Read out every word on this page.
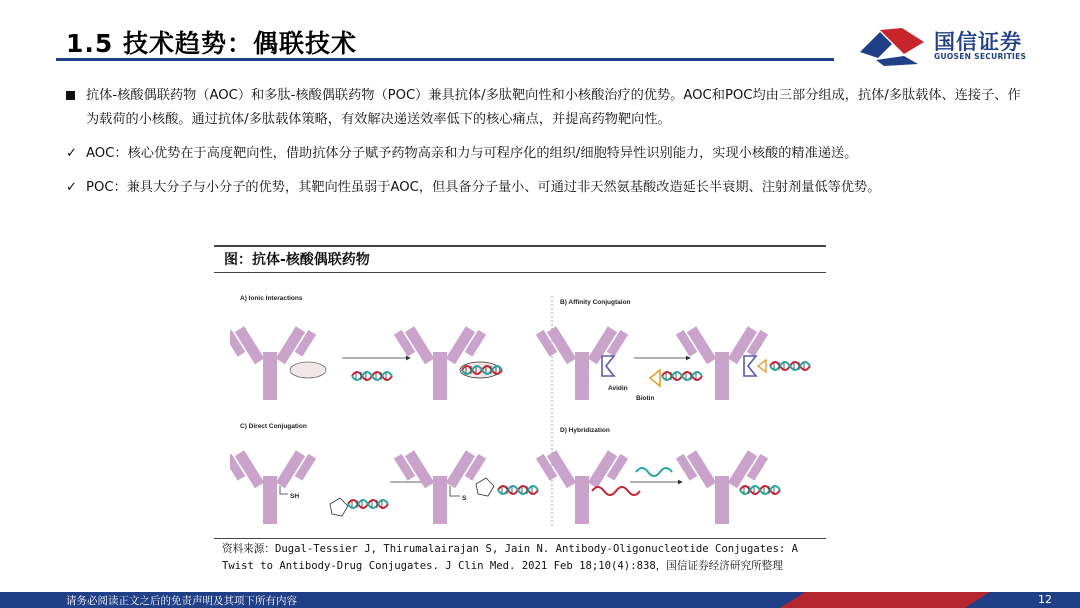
1.5 技术趋势：偶联技术	国信证券
GUOSEN SECURITIES
抗体-核酸偶联药物（AOC）和多肽-核酸偶联药物（POC）兼具抗体/多肽靶向性和小核酸治疗的优势。AOC和POC均由三部分组成，抗体/多肽载体、连接子、作为载荷的小核酸。通过抗体/多肽载体策略，有效解决递送效率低下的核心痛点，并提高药物靶向性。
✓ AOC：核心优势在于高度靶向性，借助抗体分子赋予药物高亲和力与可程序化的组织/细胞特异性识别能力，实现小核酸的精准递送。
✓ POC：兼具大分子与小分子的优势，其靶向性虽弱于AOC，但具备分子量小、可通过非天然氨基酸改造延长半衰期、注射剂量低等优势。
图：抗体-核酸偶联药物
A) Ionic Interactions
B) Affinity Conjugtaion
C) Direct Conjugation
D) Hybridization
Avidin
Biotin
SH	S
资料来源：Dugal-Tessier J, Thirumalairajan S, Jain N. Antibody-Oligonucleotide Conjugates: A Twist to Antibody-Drug Conjugates. J Clin Med. 2021 Feb 18;10(4):838，国信证券经济研究所整理
请务必阅读正文之后的免责声明及其项下所有内容	12
